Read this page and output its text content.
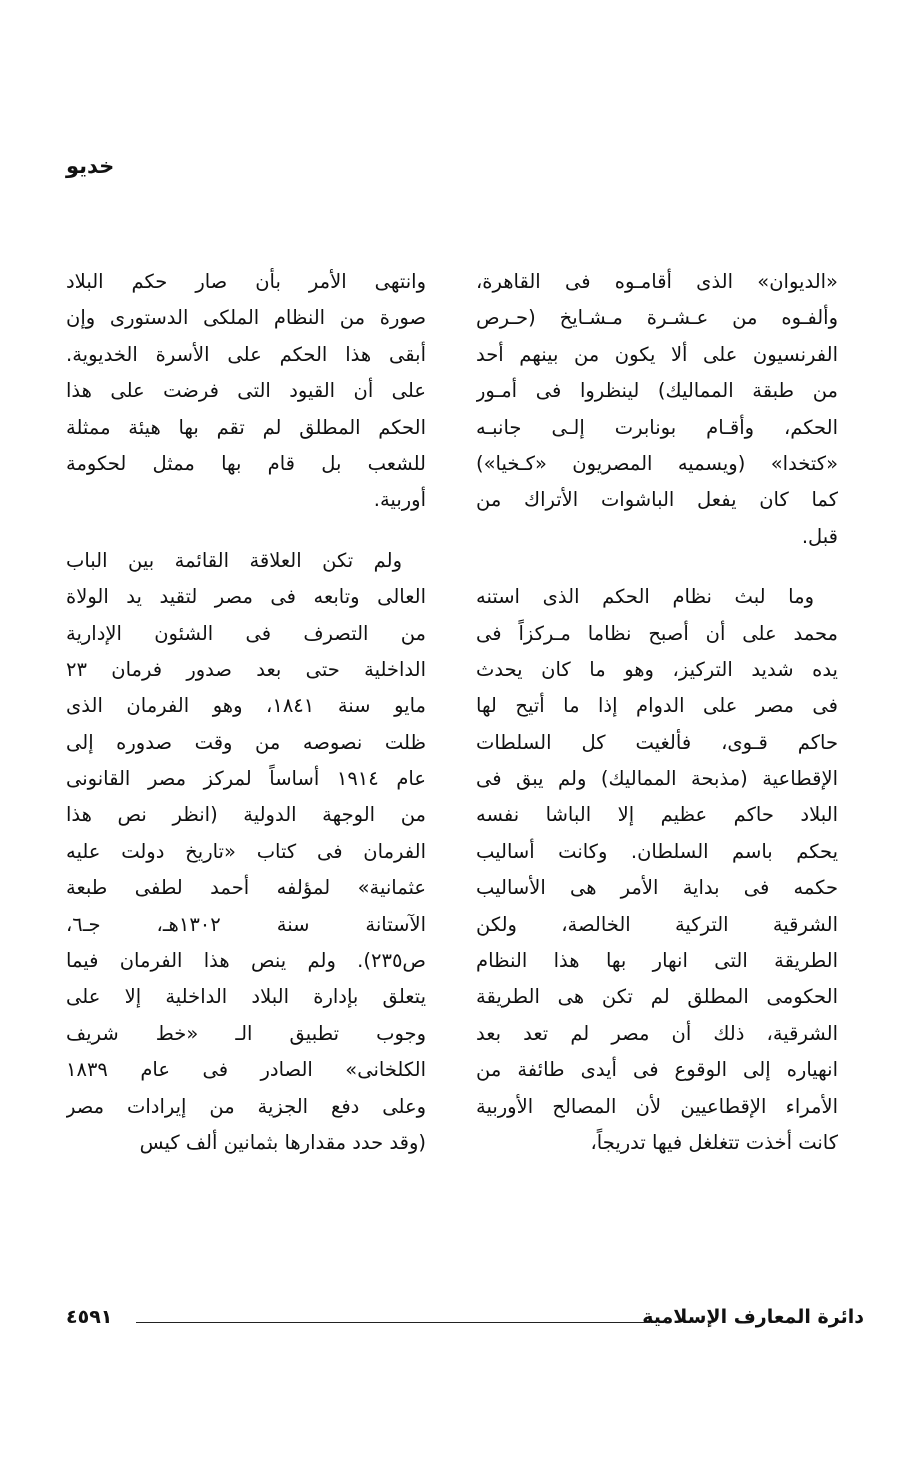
خديو

«الديوان» الذى أقامـوه فى القاهرة،
وألفـوه من عـشـرة مـشـايخ (حـرص
الفرنسيون على ألا يكون من بينهم أحد
من طبقة المماليك) لينظروا فى أمـور
الحكم، وأقـام بونابرت إلـى جانبـه
«كتخدا» (ويسميه المصريون «كـخيا»)
كما كان يفعل الباشوات الأتراك من
قبل.

وما لبث نظام الحكم الذى استنه
محمد على أن أصبح نظاما مـركزاً فى
يده شديد التركيز، وهو ما كان يحدث
فى مصر على الدوام إذا ما أتيح لها
حاكم قـوى، فألغيت كل السلطات
الإقطاعية (مذبحة المماليك) ولم يبق فى
البلاد حاكم عظيم إلا الباشا نفسه
يحكم باسم السلطان. وكانت أساليب
حكمه فى بداية الأمر هى الأساليب
الشرقية التركية الخالصة، ولكن
الطريقة التى انهار بها هذا النظام
الحكومى المطلق لم تكن هى الطريقة
الشرقية، ذلك أن مصر لم تعد بعد
انهياره إلى الوقوع فى أيدى طائفة من
الأمراء الإقطاعيين لأن المصالح الأوربية
كانت أخذت تتغلغل فيها تدريجاً،

وانتهى الأمر بأن صار حكم البلاد
صورة من النظام الملكى الدستورى وإن
أبقى هذا الحكم على الأسرة الخديوية.
على أن القيود التى فرضت على هذا
الحكم المطلق لم تقم بها هيئة ممثلة
للشعب بل قام بها ممثل لحكومة
أوربية.

ولم تكن العلاقة القائمة بين الباب
العالى وتابعه فى مصر لتقيد يد الولاة
من التصرف فى الشئون الإدارية
الداخلية حتى بعد صدور فرمان ٢٣
مايو سنة ١٨٤١، وهو الفرمان الذى
ظلت نصوصه من وقت صدوره إلى
عام ١٩١٤ أساساً لمركز مصر القانونى
من الوجهة الدولية (انظر نص هذا
الفرمان فى كتاب «تاريخ دولت عليه
عثمانية» لمؤلفه أحمد لطفى طبعة
الآستانة سنة ١٣٠٢هـ، جـ٦،
ص٢٣٥). ولم ينص هذا الفرمان فيما
يتعلق بإدارة البلاد الداخلية إلا على
وجوب تطبيق الـ «خط شريف
الكلخانى» الصادر فى عام ١٨٣٩
وعلى دفع الجزية من إيرادات مصر
(وقد حدد مقدارها بثمانين ألف كيس

دائرة المعارف الإسلامية
٤٥٩١
